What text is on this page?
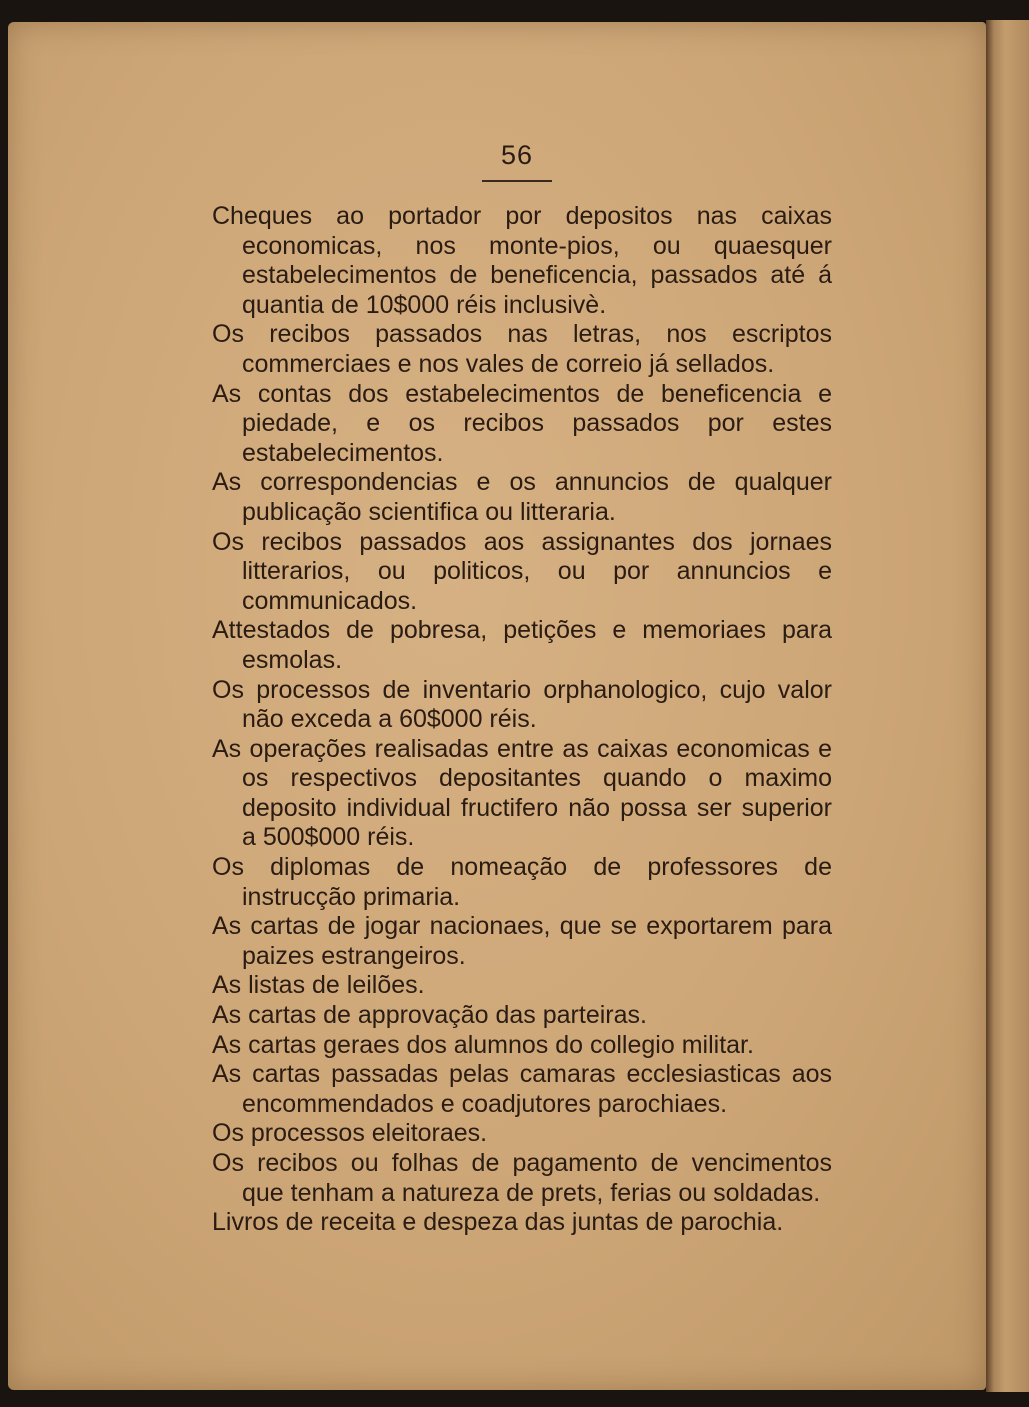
56

Cheques ao portador por depositos nas caixas economicas, nos monte-pios, ou quaesquer estabelecimentos de beneficencia, passados até á quantia de 10$000 réis inclusivè.

Os recibos passados nas letras, nos escriptos commerciaes e nos vales de correio já sellados.

As contas dos estabelecimentos de beneficencia e piedade, e os recibos passados por estes estabelecimentos.

As correspondencias e os annuncios de qualquer publicação scientifica ou litteraria.

Os recibos passados aos assignantes dos jornaes litterarios, ou politicos, ou por annuncios e communicados.

Attestados de pobresa, petições e memoriaes para esmolas.

Os processos de inventario orphanologico, cujo valor não exceda a 60$000 réis.

As operações realisadas entre as caixas economicas e os respectivos depositantes quando o maximo deposito individual fructifero não possa ser superior a 500$000 réis.

Os diplomas de nomeação de professores de instrucção primaria.

As cartas de jogar nacionaes, que se exportarem para paizes estrangeiros.

As listas de leilões.

As cartas de approvação das parteiras.

As cartas geraes dos alumnos do collegio militar.

As cartas passadas pelas camaras ecclesiasticas aos encommendados e coadjutores parochiaes.

Os processos eleitoraes.

Os recibos ou folhas de pagamento de vencimentos que tenham a natureza de prets, ferias ou soldadas.

Livros de receita e despeza das juntas de parochia.
